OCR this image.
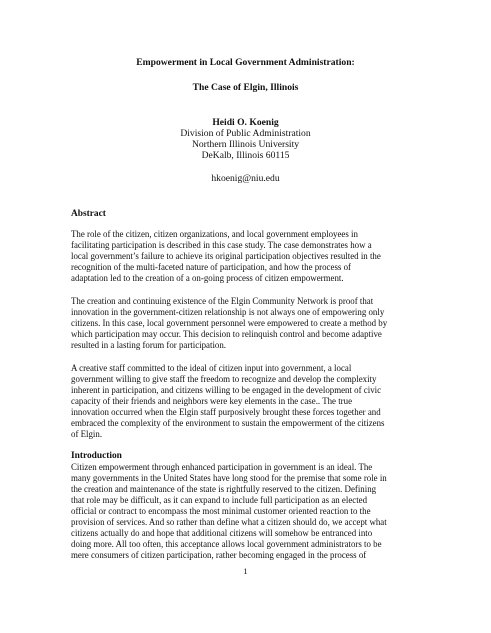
Empowerment in Local Government Administration:
The Case of Elgin, Illinois
Heidi O. Koenig
Division of Public Administration
Northern Illinois University
DeKalb, Illinois 60115
hkoenig@niu.edu
Abstract
The role of the citizen, citizen organizations, and local government employees in
facilitating participation is described in this case study. The case demonstrates how a
local government’s failure to achieve its original participation objectives resulted in the
recognition of the multi-faceted nature of participation, and how the process of
adaptation led to the creation of a on-going process of citizen empowerment.
The creation and continuing existence of the Elgin Community Network is proof that
innovation in the government-citizen relationship is not always one of empowering only
citizens. In this case, local government personnel were empowered to create a method by
which participation may occur. This decision to relinquish control and become adaptive
resulted in a lasting forum for participation.
A creative staff committed to the ideal of citizen input into government, a local
government willing to give staff the freedom to recognize and develop the complexity
inherent in participation, and citizens willing to be engaged in the development of civic
capacity of their friends and neighbors were key elements in the case.. The true
innovation occurred when the Elgin staff purposively brought these forces together and
embraced the complexity of the environment to sustain the empowerment of the citizens
of Elgin.
Introduction
Citizen empowerment through enhanced participation in government is an ideal. The
many governments in the United States have long stood for the premise that some role in
the creation and maintenance of the state is rightfully reserved to the citizen. Defining
that role may be difficult, as it can expand to include full participation as an elected
official or contract to encompass the most minimal customer oriented reaction to the
provision of services. And so rather than define what a citizen should do, we accept what
citizens actually do and hope that additional citizens will somehow be entranced into
doing more. All too often, this acceptance allows local government administrators to be
mere consumers of citizen participation, rather becoming engaged in the process of
1
